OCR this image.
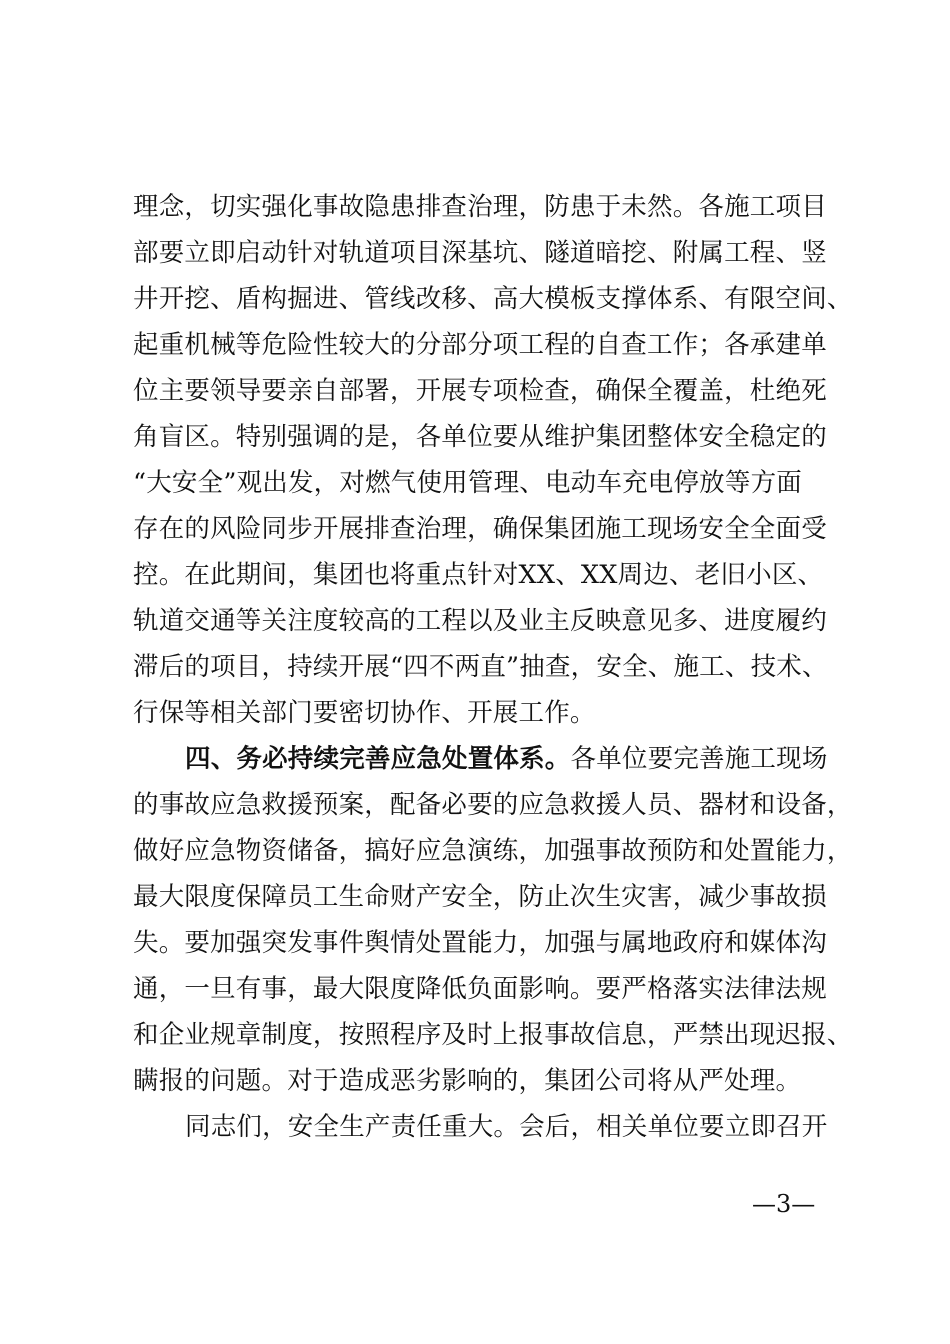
理念，切实强化事故隐患排查治理，防患于未然。各施工项目
部要立即启动针对轨道项目深基坑、隧道暗挖、附属工程、竖
井开挖、盾构掘进、管线改移、高大模板支撑体系、有限空间、
起重机械等危险性较大的分部分项工程的自查工作；各承建单
位主要领导要亲自部署，开展专项检查，确保全覆盖，杜绝死
角盲区。特别强调的是，各单位要从维护集团整体安全稳定的
“大安全”观出发，对燃气使用管理、电动车充电停放等方面
存在的风险同步开展排查治理，确保集团施工现场安全全面受
控。在此期间，集团也将重点针对XX、XX周边、老旧小区、
轨道交通等关注度较高的工程以及业主反映意见多、进度履约
滞后的项目，持续开展“四不两直”抽查，安全、施工、技术、
行保等相关部门要密切协作、开展工作。
四、务必持续完善应急处置体系。各单位要完善施工现场
的事故应急救援预案，配备必要的应急救援人员、器材和设备，
做好应急物资储备，搞好应急演练，加强事故预防和处置能力，
最大限度保障员工生命财产安全，防止次生灾害，减少事故损
失。要加强突发事件舆情处置能力，加强与属地政府和媒体沟
通，一旦有事，最大限度降低负面影响。要严格落实法律法规
和企业规章制度，按照程序及时上报事故信息，严禁出现迟报、
瞒报的问题。对于造成恶劣影响的，集团公司将从严处理。
同志们，安全生产责任重大。会后，相关单位要立即召开
—3—
